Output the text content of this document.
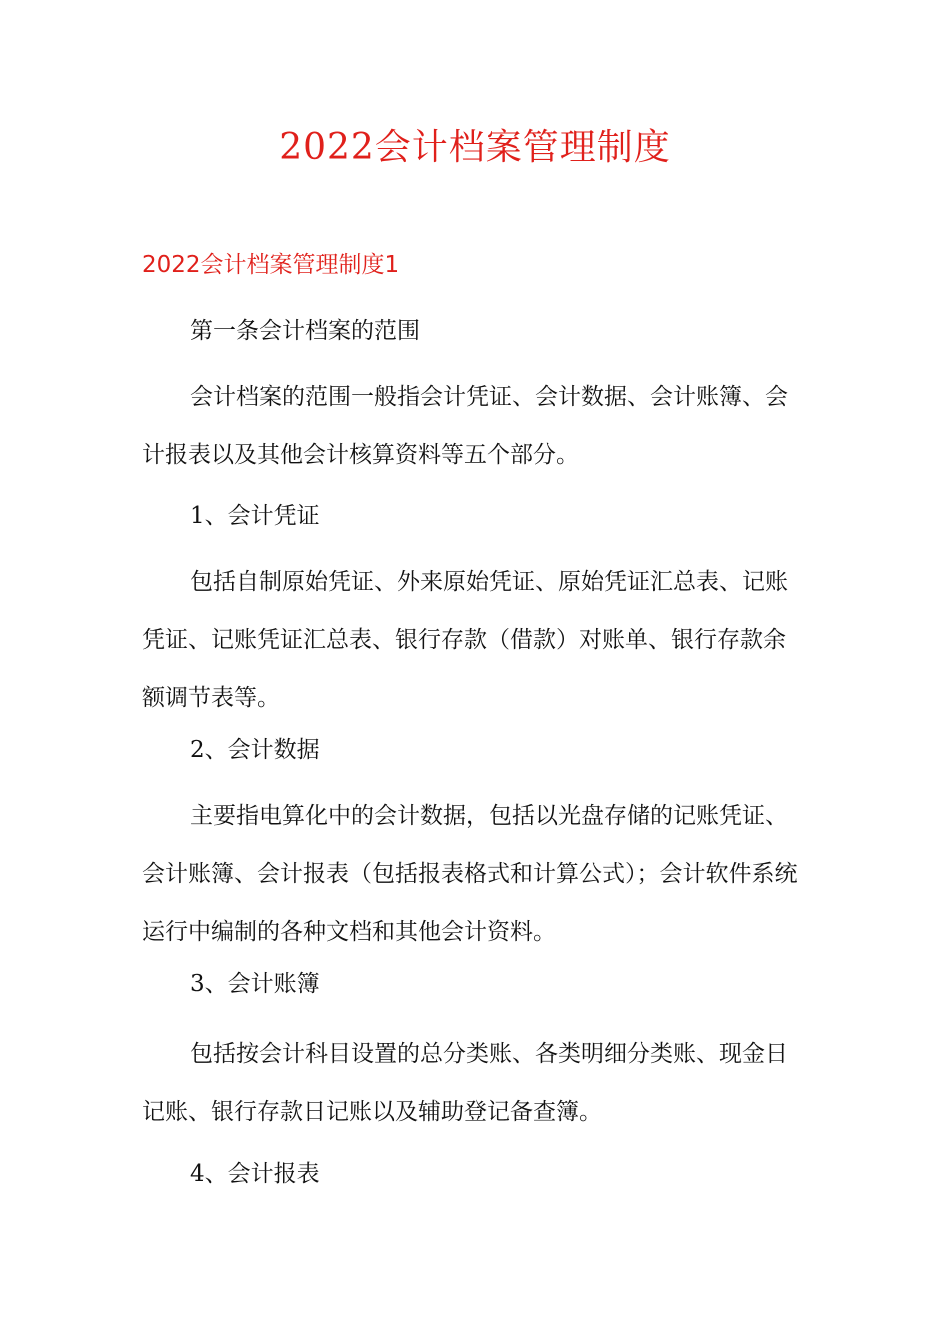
2022会计档案管理制度
2022会计档案管理制度1

第一条会计档案的范围

会计档案的范围一般指会计凭证、会计数据、会计账簿、会计报表以及其他会计核算资料等五个部分。

1、会计凭证

包括自制原始凭证、外来原始凭证、原始凭证汇总表、记账凭证、记账凭证汇总表、银行存款（借款）对账单、银行存款余额调节表等。

2、会计数据

主要指电算化中的会计数据，包括以光盘存储的记账凭证、会计账簿、会计报表（包括报表格式和计算公式）；会计软件系统运行中编制的各种文档和其他会计资料。

3、会计账簿

包括按会计科目设置的总分类账、各类明细分类账、现金日记账、银行存款日记账以及辅助登记备查簿。

4、会计报表
